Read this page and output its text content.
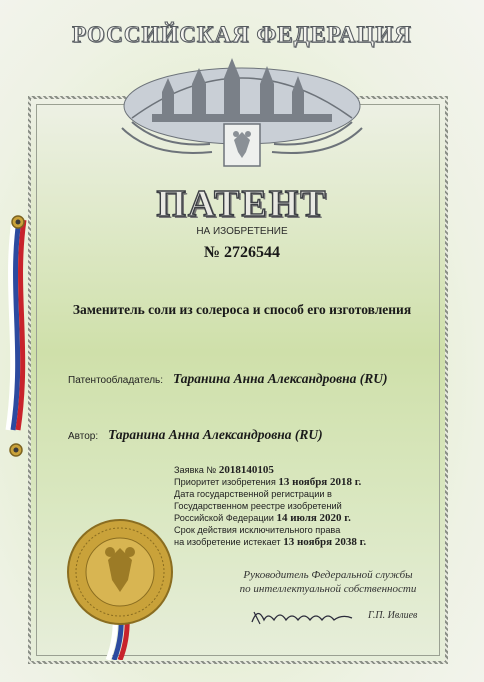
РОССИЙСКАЯ ФЕДЕРАЦИЯ
ПАТЕНТ
НА ИЗОБРЕТЕНИЕ
№ 2726544
Заменитель соли из солероса и способ его изготовления
Патентообладатель: Таранина Анна Александровна (RU)
Автор: Таранина Анна Александровна (RU)
Заявка № 2018140105
Приоритет изобретения 13 ноября 2018 г.
Дата государственной регистрации в
Государственном реестре изобретений
Российской Федерации 14 июля 2020 г.
Срок действия исключительного права
на изобретение истекает 13 ноября 2038 г.
Руководитель Федеральной службы
по интеллектуальной собственности
Г.П. Ивлиев
